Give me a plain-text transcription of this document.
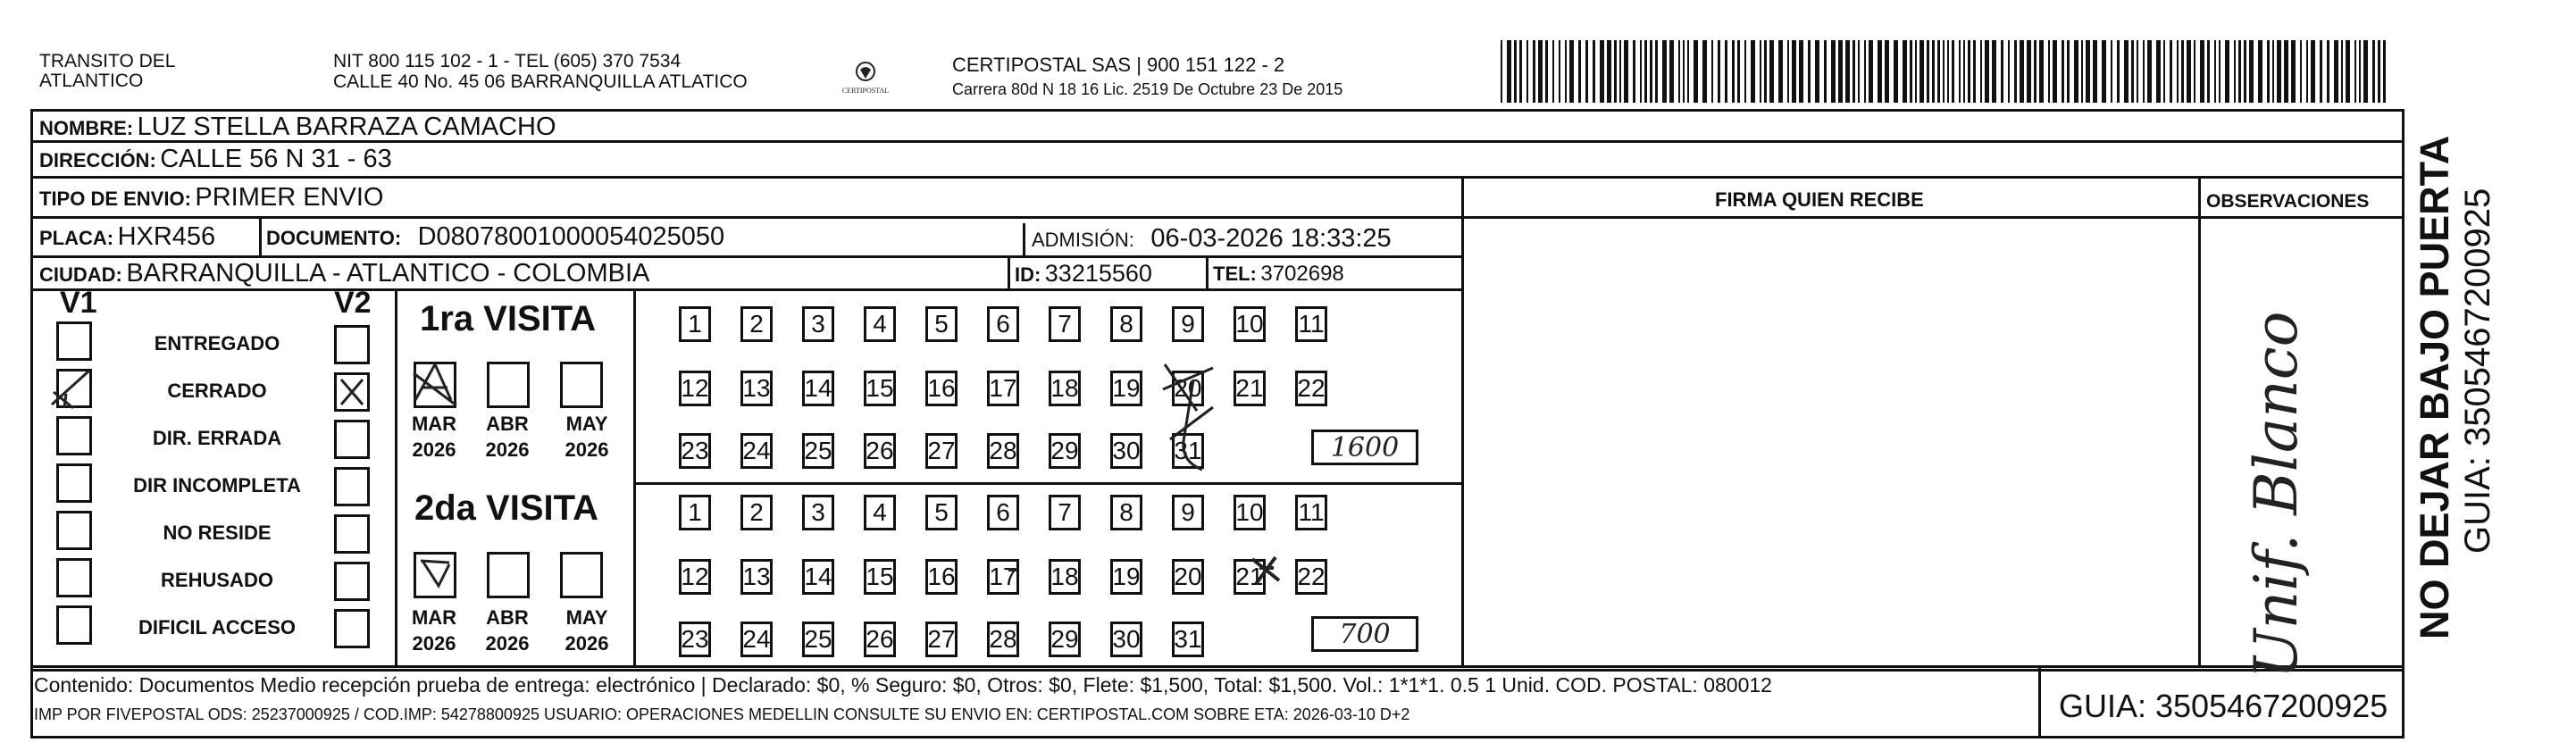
TRANSITO DEL
ATLANTICO
NIT 800 115 102 - 1 - TEL (605) 370 7534
CALLE 40 No. 45 06 BARRANQUILLA ATLATICO	CERTIPOSTAL
CERTIPOSTAL SAS | 900 151 122 - 2
Carrera 80d N 18 16 Lic. 2519 De Octubre 23 De 2015
NOMBRE: LUZ STELLA BARRAZA CAMACHO
DIRECCIÓN: CALLE 56 N 31 - 63
TIPO DE ENVIO: PRIMER ENVIO
PLACA: HXR456	DOCUMENTO: D08078001000054025050	ADMISIÓN: 06-03-2026 18:33:25
CIUDAD: BARRANQUILLA - ATLANTICO - COLOMBIA	ID: 33215560	TEL: 3702698
FIRMA QUIEN RECIBE	OBSERVACIONES
V1	V2
ENTREGADO
CERRADO
DIR. ERRADA
DIR INCOMPLETA
NO RESIDE
REHUSADO
DIFICIL ACCESO
1ra VISITA
MAR	ABR	MAY
2026	2026	2026
1	2	3	4	5	6	7	8	9	10 11
12 13 14 15 16 17 18 19 20 21 22
23 24 25 26 27 28 29 30 31	1600
2da VISITA
MAR	ABR	MAY
2026	2026	2026
1	2	3	4	5	6	7	8	9	10 11
12 13 14 15 16 17 18 19 20 21 22
23 24 25 26 27 28 29 30 31	700	Unif. Blanco	NO DEJAR BAJO PUERTA GUIA: 3505467200925
Contenido: Documentos Medio recepción prueba de entrega: electrónico | Declarado: $0, % Seguro: $0, Otros: $0, Flete: $1,500, Total: $1,500. Vol.: 1*1*1. 0.5 1 Unid. COD. POSTAL: 080012
IMP POR FIVEPOSTAL ODS: 25237000925 / COD.IMP: 54278800925 USUARIO: OPERACIONES MEDELLIN CONSULTE SU ENVIO EN: CERTIPOSTAL.COM SOBRE ETA: 2026-03-10 D+2	GUIA: 3505467200925
